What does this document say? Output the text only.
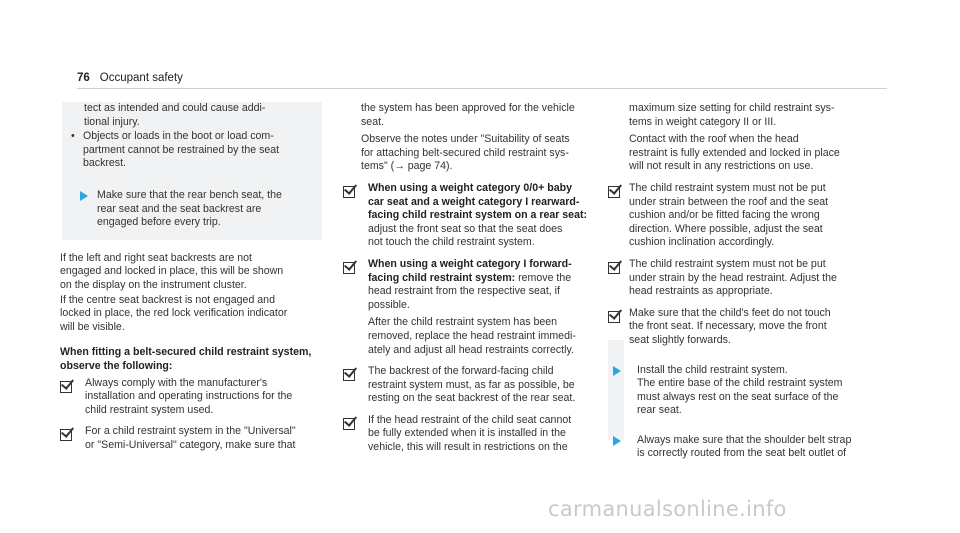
76 Occupant safety
tect as intended and could cause addi-
tional injury.
• Objects or loads in the boot or load com-
partment cannot be restrained by the seat
backrest.
Make sure that the rear bench seat, the
rear seat and the seat backrest are
engaged before every trip.
If the left and right seat backrests are not
engaged and locked in place, this will be shown
on the display on the instrument cluster.
If the centre seat backrest is not engaged and
locked in place, the red lock verification indicator
will be visible.
When fitting a belt-secured child restraint system,
observe the following:
Always comply with the manufacturer's
installation and operating instructions for the
child restraint system used.
For a child restraint system in the "Universal"
or "Semi-Universal" category, make sure that
the system has been approved for the vehicle
seat.
Observe the notes under "Suitability of seats
for attaching belt-secured child restraint sys-
tems" (→ page 74).
When using a weight category 0/0+ baby
car seat and a weight category I rearward-
facing child restraint system on a rear seat:
adjust the front seat so that the seat does
not touch the child restraint system.
When using a weight category I forward-
facing child restraint system: remove the
head restraint from the respective seat, if
possible.
After the child restraint system has been
removed, replace the head restraint immedi-
ately and adjust all head restraints correctly.
The backrest of the forward-facing child
restraint system must, as far as possible, be
resting on the seat backrest of the rear seat.
If the head restraint of the child seat cannot
be fully extended when it is installed in the
vehicle, this will result in restrictions on the
maximum size setting for child restraint sys-
tems in weight category II or III.
Contact with the roof when the head
restraint is fully extended and locked in place
will not result in any restrictions on use.
The child restraint system must not be put
under strain between the roof and the seat
cushion and/or be fitted facing the wrong
direction. Where possible, adjust the seat
cushion inclination accordingly.
The child restraint system must not be put
under strain by the head restraint. Adjust the
head restraints as appropriate.
Make sure that the child's feet do not touch
the front seat. If necessary, move the front
seat slightly forwards.
Install the child restraint system.
The entire base of the child restraint system
must always rest on the seat surface of the
rear seat.
Always make sure that the shoulder belt strap
is correctly routed from the seat belt outlet of
carmanualsonline.info
